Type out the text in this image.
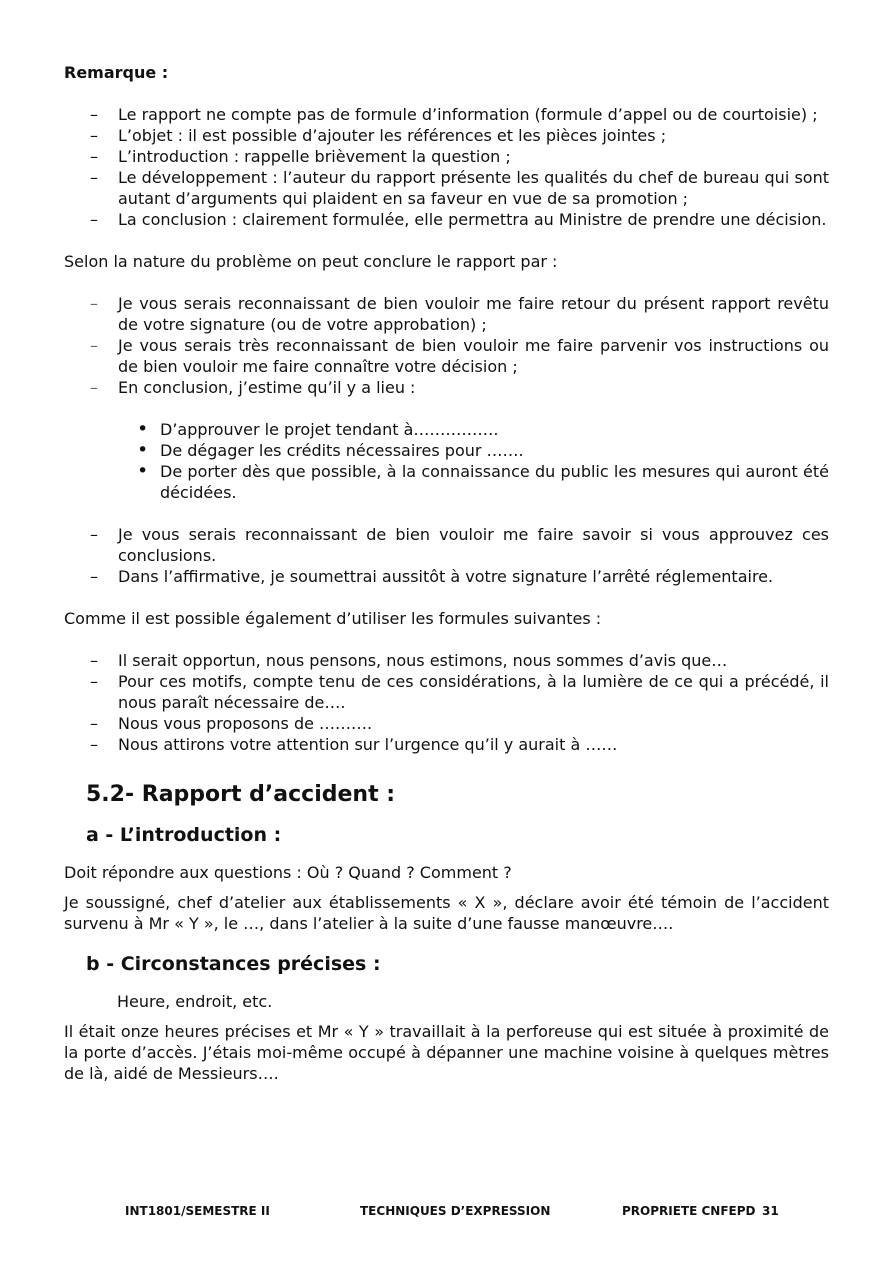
Remarque :

– Le rapport ne compte pas de formule d’information (formule d’appel ou de courtoisie) ;
– L’objet : il est possible d’ajouter les références et les pièces jointes ;
– L’introduction : rappelle brièvement la question ;
– Le développement : l’auteur du rapport présente les qualités du chef de bureau qui sont autant d’arguments qui plaident en sa faveur en vue de sa promotion ;
– La conclusion : clairement formulée, elle permettra au Ministre de prendre une décision.

Selon la nature du problème on peut conclure le rapport par :

– Je vous serais reconnaissant de bien vouloir me faire retour du présent rapport revêtu de votre signature (ou de votre approbation) ;
– Je vous serais très reconnaissant de bien vouloir me faire parvenir vos instructions ou de bien vouloir me faire connaître votre décision ;
– En conclusion, j’estime qu’il y a lieu :
• D’approuver le projet tendant à…………….
• De dégager les crédits nécessaires pour …….
• De porter dès que possible, à la connaissance du public les mesures qui auront été décidées.
– Je vous serais reconnaissant de bien vouloir me faire savoir si vous approuvez ces conclusions.
– Dans l’affirmative, je soumettrai aussitôt à votre signature l’arrêté réglementaire.

Comme il est possible également d’utiliser les formules suivantes :

– Il serait opportun, nous pensons, nous estimons, nous sommes d’avis que…
– Pour ces motifs, compte tenu de ces considérations, à la lumière de ce qui a précédé, il nous paraît nécessaire de….
– Nous vous proposons de ……….
– Nous attirons votre attention sur l’urgence qu’il y aurait à ……
5.2- Rapport d’accident :
a - L’introduction :

Doit répondre aux questions : Où ? Quand ? Comment ?

Je soussigné, chef d’atelier aux établissements « X », déclare avoir été témoin de l’accident survenu à Mr « Y », le …, dans l’atelier à la suite d’une fausse manœuvre….

b - Circonstances précises :

Heure, endroit, etc.

Il était onze heures précises et Mr « Y » travaillait à la perforeuse qui est située à proximité de la porte d’accès. J’étais moi-même occupé à dépanner une machine voisine à quelques mètres de là, aidé de Messieurs….

INT1801/SEMESTRE II	TECHNIQUES D’EXPRESSION	PROPRIETE CNFEPD 31
